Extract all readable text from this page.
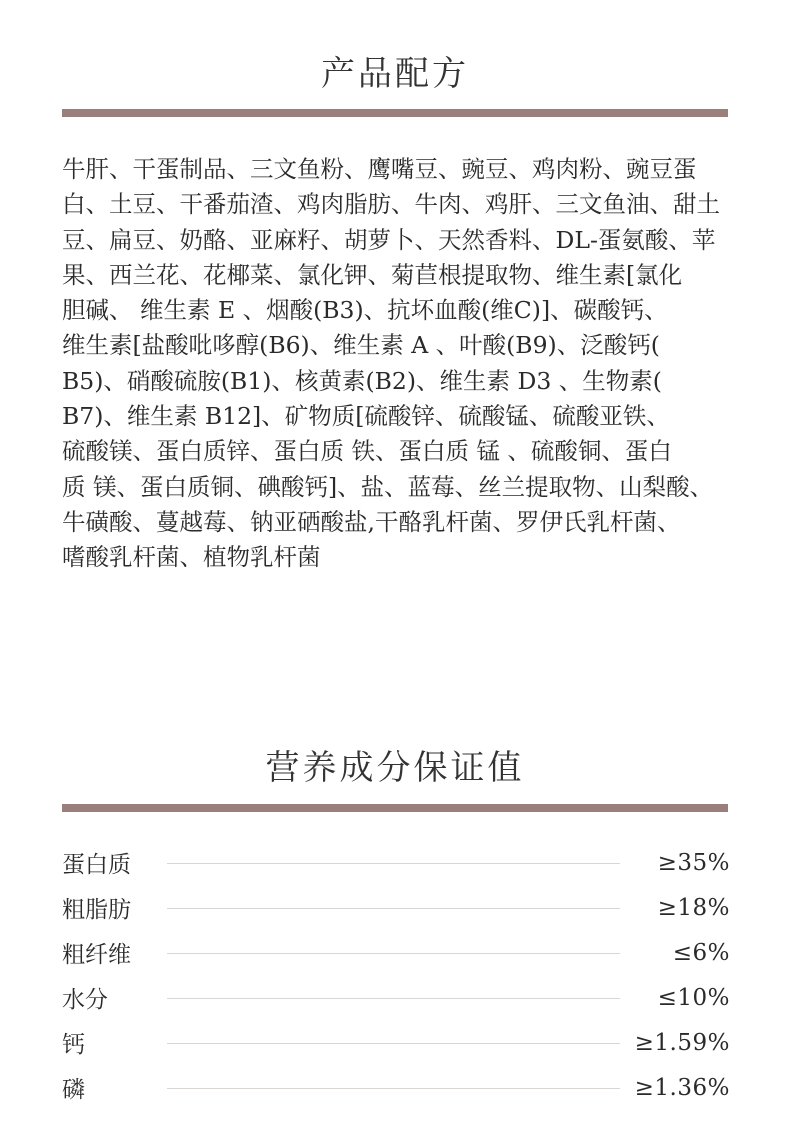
产品配方
牛肝、干蛋制品、三文鱼粉、鹰嘴豆、豌豆、鸡肉粉、豌豆蛋
白、土豆、干番茄渣、鸡肉脂肪、牛肉、鸡肝、三文鱼油、甜土
豆、扁豆、奶酪、亚麻籽、胡萝卜、天然香料、DL-蛋氨酸、苹
果、西兰花、花椰菜、氯化钾、菊苣根提取物、维生素[氯化
胆碱、 维生素 E 、烟酸(B3)、抗坏血酸(维C)]、碳酸钙、
维生素[盐酸吡哆醇(B6)、维生素 A 、叶酸(B9)、泛酸钙(
B5)、硝酸硫胺(B1)、核黄素(B2)、维生素 D3 、生物素(
B7)、维生素 B12]、矿物质[硫酸锌、硫酸锰、硫酸亚铁、
硫酸镁、蛋白质锌、蛋白质 铁、蛋白质 锰 、硫酸铜、蛋白
质 镁、蛋白质铜、碘酸钙]、盐、蓝莓、丝兰提取物、山梨酸、
牛磺酸、蔓越莓、钠亚硒酸盐,干酪乳杆菌、罗伊氏乳杆菌、
嗜酸乳杆菌、植物乳杆菌
营养成分保证值
蛋白质	≥35%
粗脂肪	≥18%
粗纤维	≤6%
水分	≤10%
钙	≥1.59%
磷	≥1.36%
